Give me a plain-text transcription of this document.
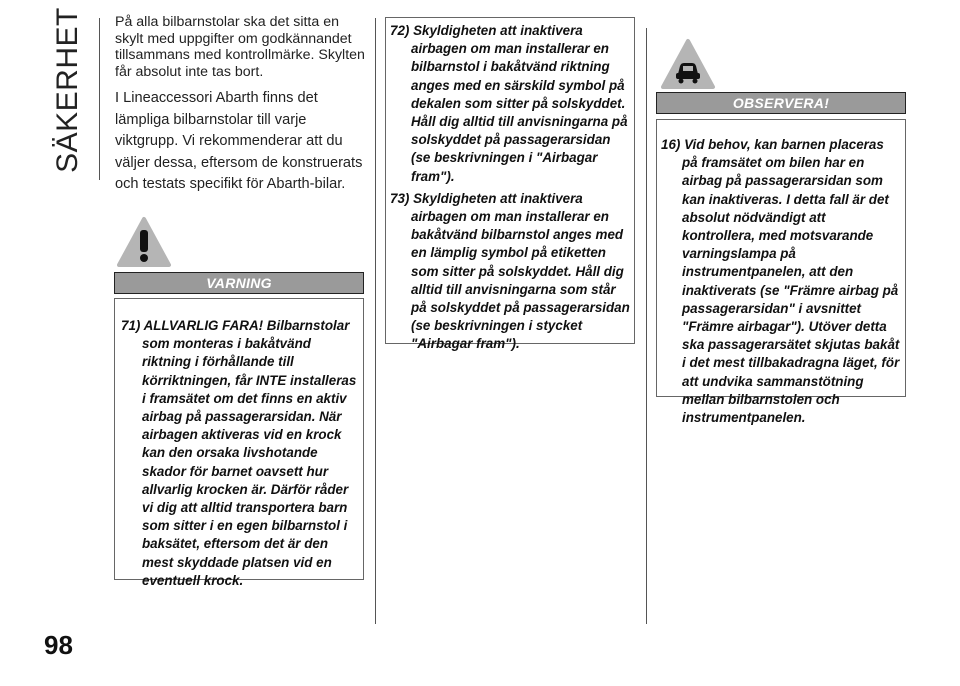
SÄKERHET
98

På alla bilbarnstolar ska det sitta en skylt med uppgifter om godkännandet tillsammans med kontrollmärke. Skylten får absolut inte tas bort.

I Lineaccessori Abarth finns det lämpliga bilbarnstolar till varje viktgrupp. Vi rekommenderar att du väljer dessa, eftersom de konstruerats och testats specifikt för Abarth-bilar.

VARNING

71) ALLVARLIG FARA! Bilbarnstolar som monteras i bakåtvänd riktning i förhållande till körriktningen, får INTE installeras i framsätet om det finns en aktiv airbag på passagerarsidan. När airbagen aktiveras vid en krock kan den orsaka livshotande skador för barnet oavsett hur allvarlig krocken är. Därför råder vi dig att alltid transportera barn som sitter i en egen bilbarnstol i baksätet, eftersom det är den mest skyddade platsen vid en eventuell krock.

72) Skyldigheten att inaktivera airbagen om man installerar en bilbarnstol i bakåtvänd riktning anges med en särskild symbol på dekalen som sitter på solskyddet. Håll dig alltid till anvisningarna på solskyddet på passagerarsidan (se beskrivningen i "Airbagar fram").

73) Skyldigheten att inaktivera airbagen om man installerar en bakåtvänd bilbarnstol anges med en lämplig symbol på etiketten som sitter på solskyddet. Håll dig alltid till anvisningarna som står på solskyddet på passagerarsidan (se beskrivningen i stycket "Airbagar fram").

OBSERVERA!

16) Vid behov, kan barnen placeras på framsätet om bilen har en airbag på passagerarsidan som kan inaktiveras. I detta fall är det absolut nödvändigt att kontrollera, med motsvarande varningslampa på instrumentpanelen, att den inaktiverats (se "Främre airbag på passagerarsidan" i avsnittet "Främre airbagar"). Utöver detta ska passagerarsätet skjutas bakåt i det mest tillbakadragna läget, för att undvika sammanstötning mellan bilbarnstolen och instrumentpanelen.
